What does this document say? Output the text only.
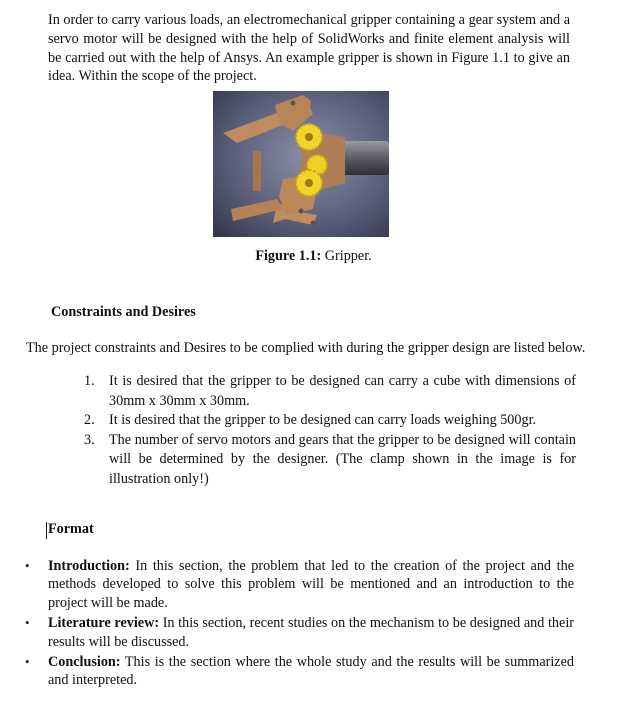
In order to carry various loads, an electromechanical gripper containing a gear system and a servo motor will be designed with the help of SolidWorks and finite element analysis will be carried out with the help of Ansys. An example gripper is shown in Figure 1.1 to give an idea. Within the scope of the project.

Figure 1.1: Gripper.
Constraints and Desires

The project constraints and Desires to be complied with during the gripper design are listed below.

1. It is desired that the gripper to be designed can carry a cube with dimensions of 30mm x 30mm x 30mm.
2. It is desired that the gripper to be designed can carry loads weighing 500gr.
3. The number of servo motors and gears that the gripper to be designed will contain will be determined by the designer. (The clamp shown in the image is for illustration only!)
Format
• Introduction: In this section, the problem that led to the creation of the project and the methods developed to solve this problem will be mentioned and an introduction to the project will be made.
• Literature review: In this section, recent studies on the mechanism to be designed and their results will be discussed.
• Conclusion: This is the section where the whole study and the results will be summarized and interpreted.
